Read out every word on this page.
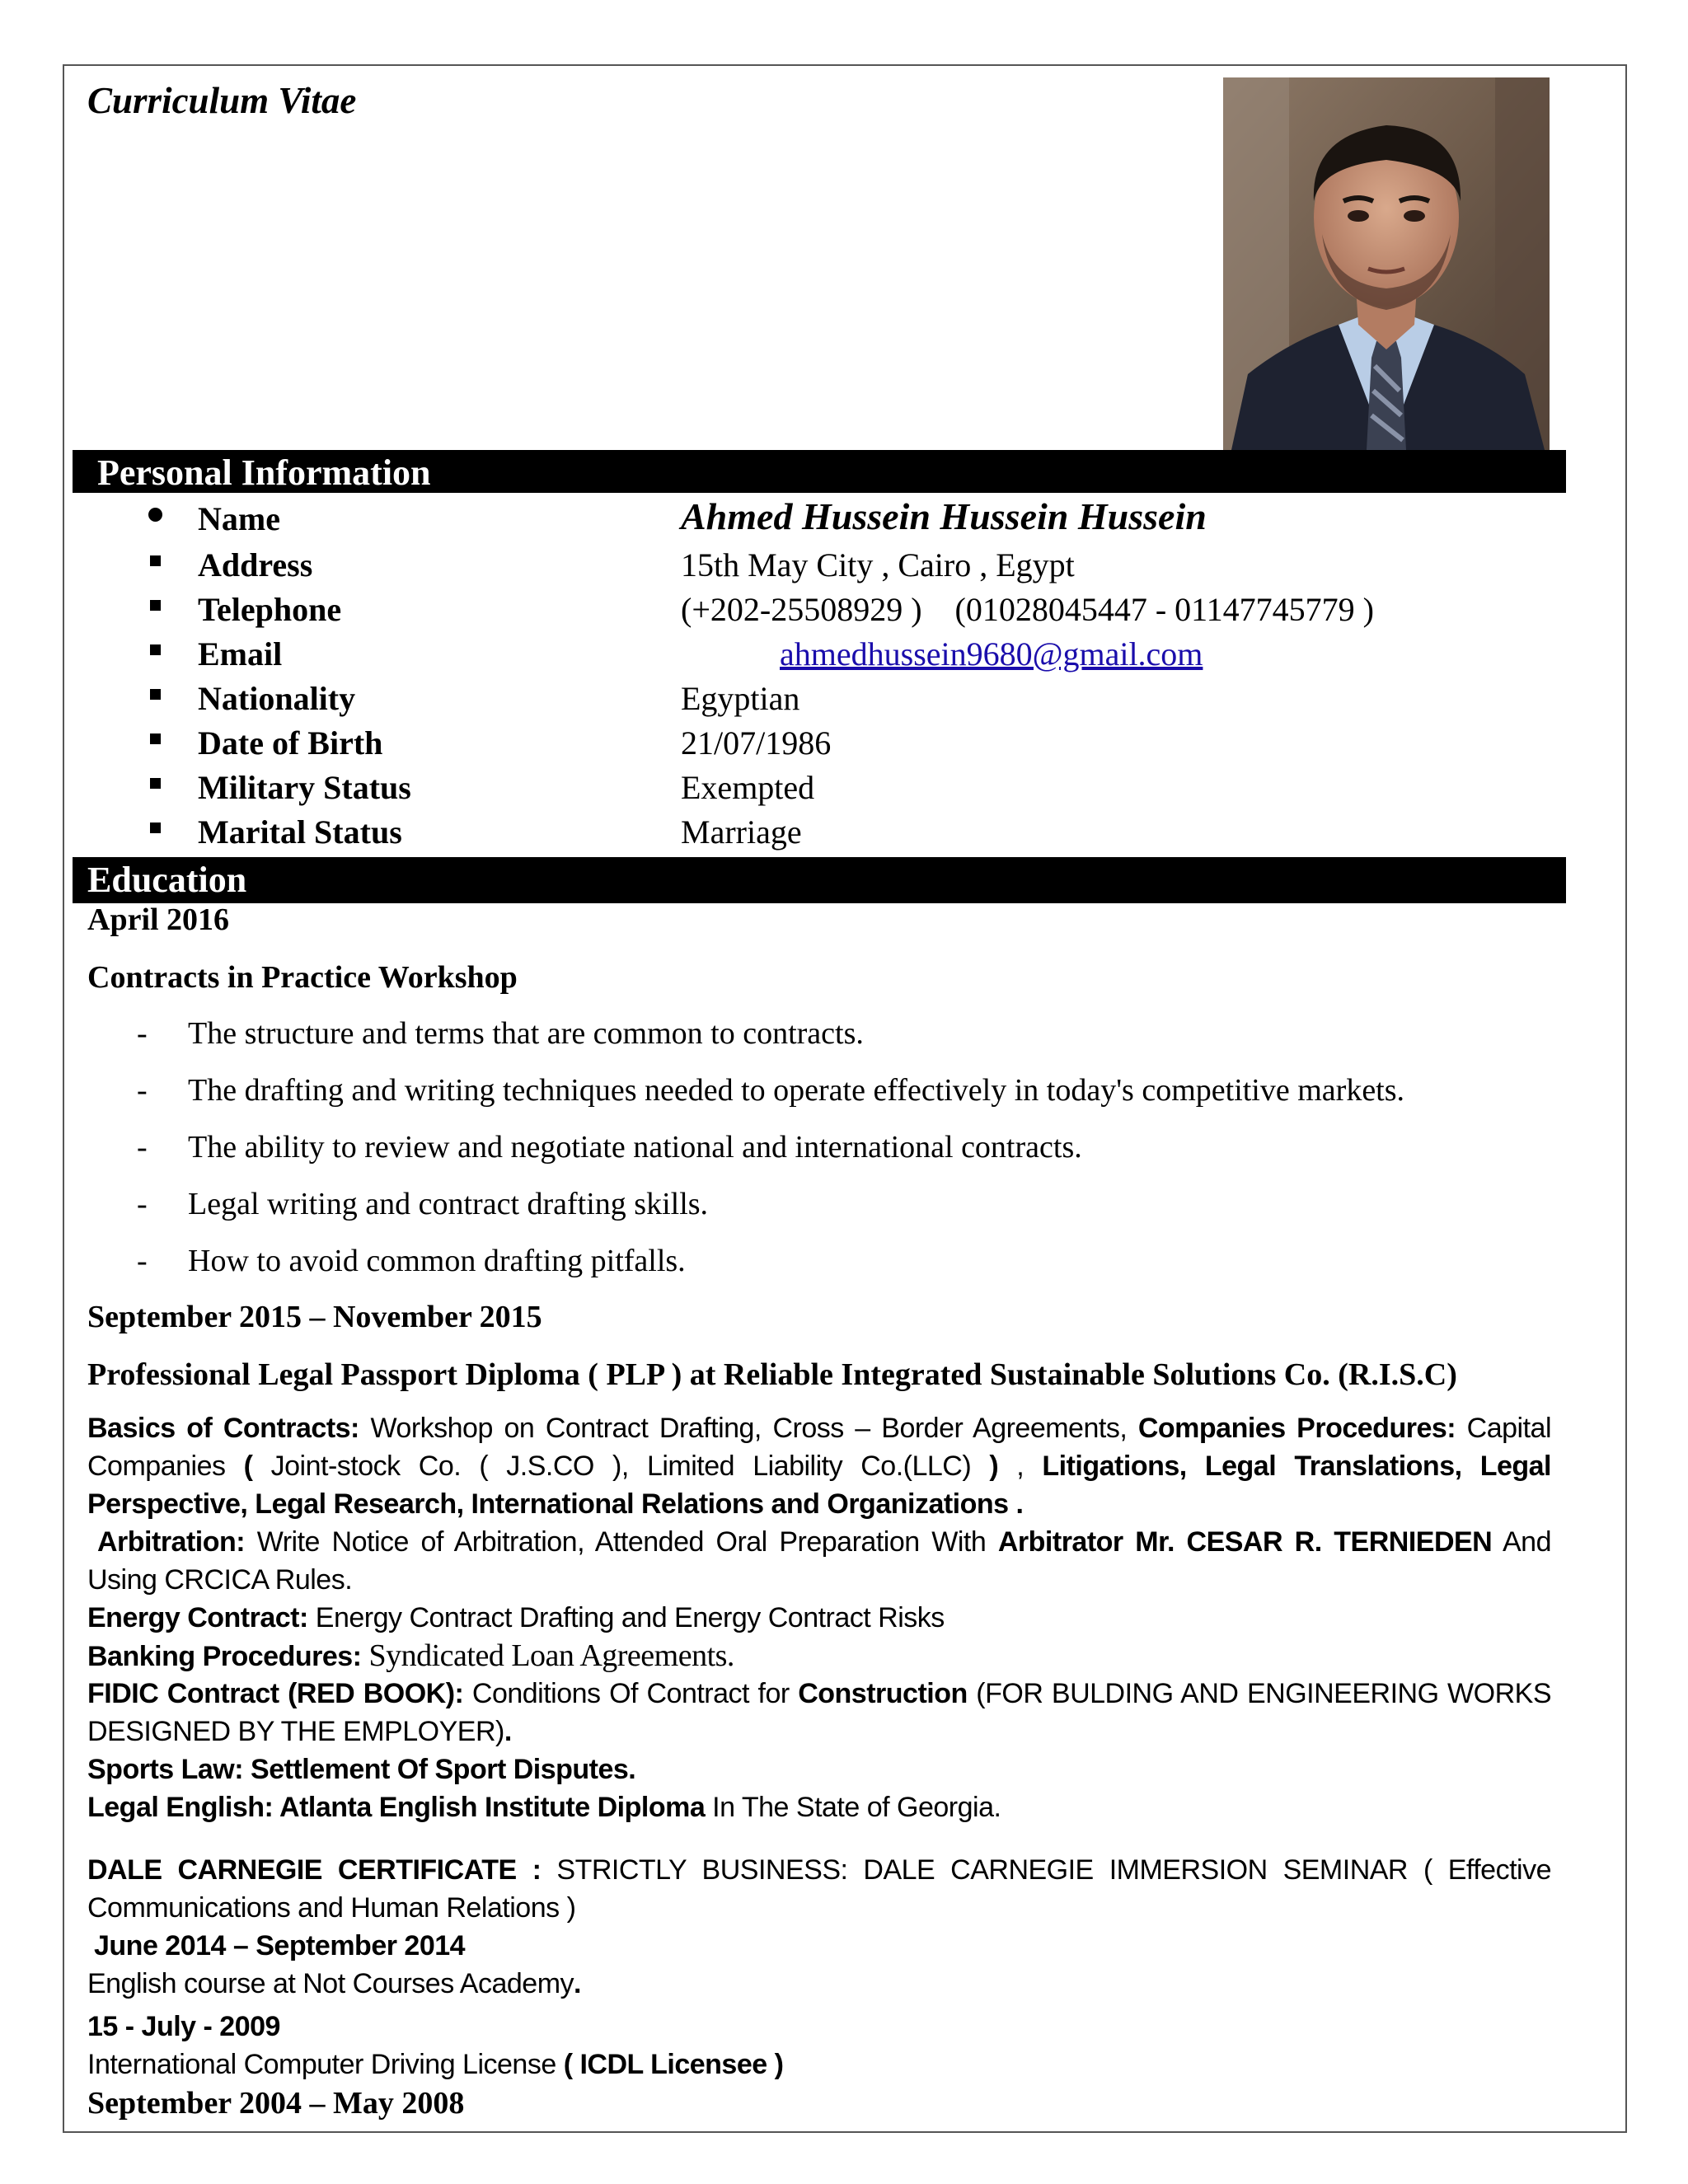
Curriculum Vitae
Personal Information
Name	Ahmed Hussein Hussein Hussein
Address	15th May City , Cairo , Egypt
Telephone	(+202-25508929 )    (01028045447 - 01147745779 )
Email	ahmedhussein9680@gmail.com
Nationality	Egyptian
Date of Birth	21/07/1986
Military Status	Exempted
Marital Status	Marriage
Education
April 2016
Contracts in Practice Workshop
- The structure and terms that are common to contracts.
- The drafting and writing techniques needed to operate effectively in today's competitive markets.
- The ability to review and negotiate national and international contracts.
- Legal writing and contract drafting skills.
- How to avoid common drafting pitfalls.
September 2015 – November 2015
Professional Legal Passport Diploma ( PLP ) at Reliable Integrated Sustainable Solutions Co. (R.I.S.C)
Basics of Contracts: Workshop on Contract Drafting, Cross – Border Agreements, Companies Procedures: Capital Companies ( Joint-stock Co. ( J.S.CO ), Limited Liability Co.(LLC) ) , Litigations, Legal Translations, Legal Perspective, Legal Research, International Relations and Organizations .
Arbitration: Write Notice of Arbitration, Attended Oral Preparation With Arbitrator Mr. CESAR R. TERNIEDEN And Using CRCICA Rules.
Energy Contract: Energy Contract Drafting and Energy Contract Risks
Banking Procedures: Syndicated Loan Agreements.
FIDIC Contract (RED BOOK): Conditions Of Contract for Construction (FOR BULDING AND ENGINEERING WORKS DESIGNED BY THE EMPLOYER).
Sports Law: Settlement Of Sport Disputes.
Legal English: Atlanta English Institute Diploma In The State of Georgia.
DALE CARNEGIE CERTIFICATE : STRICTLY BUSINESS: DALE CARNEGIE IMMERSION SEMINAR ( Effective Communications and Human Relations )
June 2014 – September 2014
English course at Not Courses Academy.
15 - July - 2009
International Computer Driving License ( ICDL Licensee )
September 2004 – May 2008
